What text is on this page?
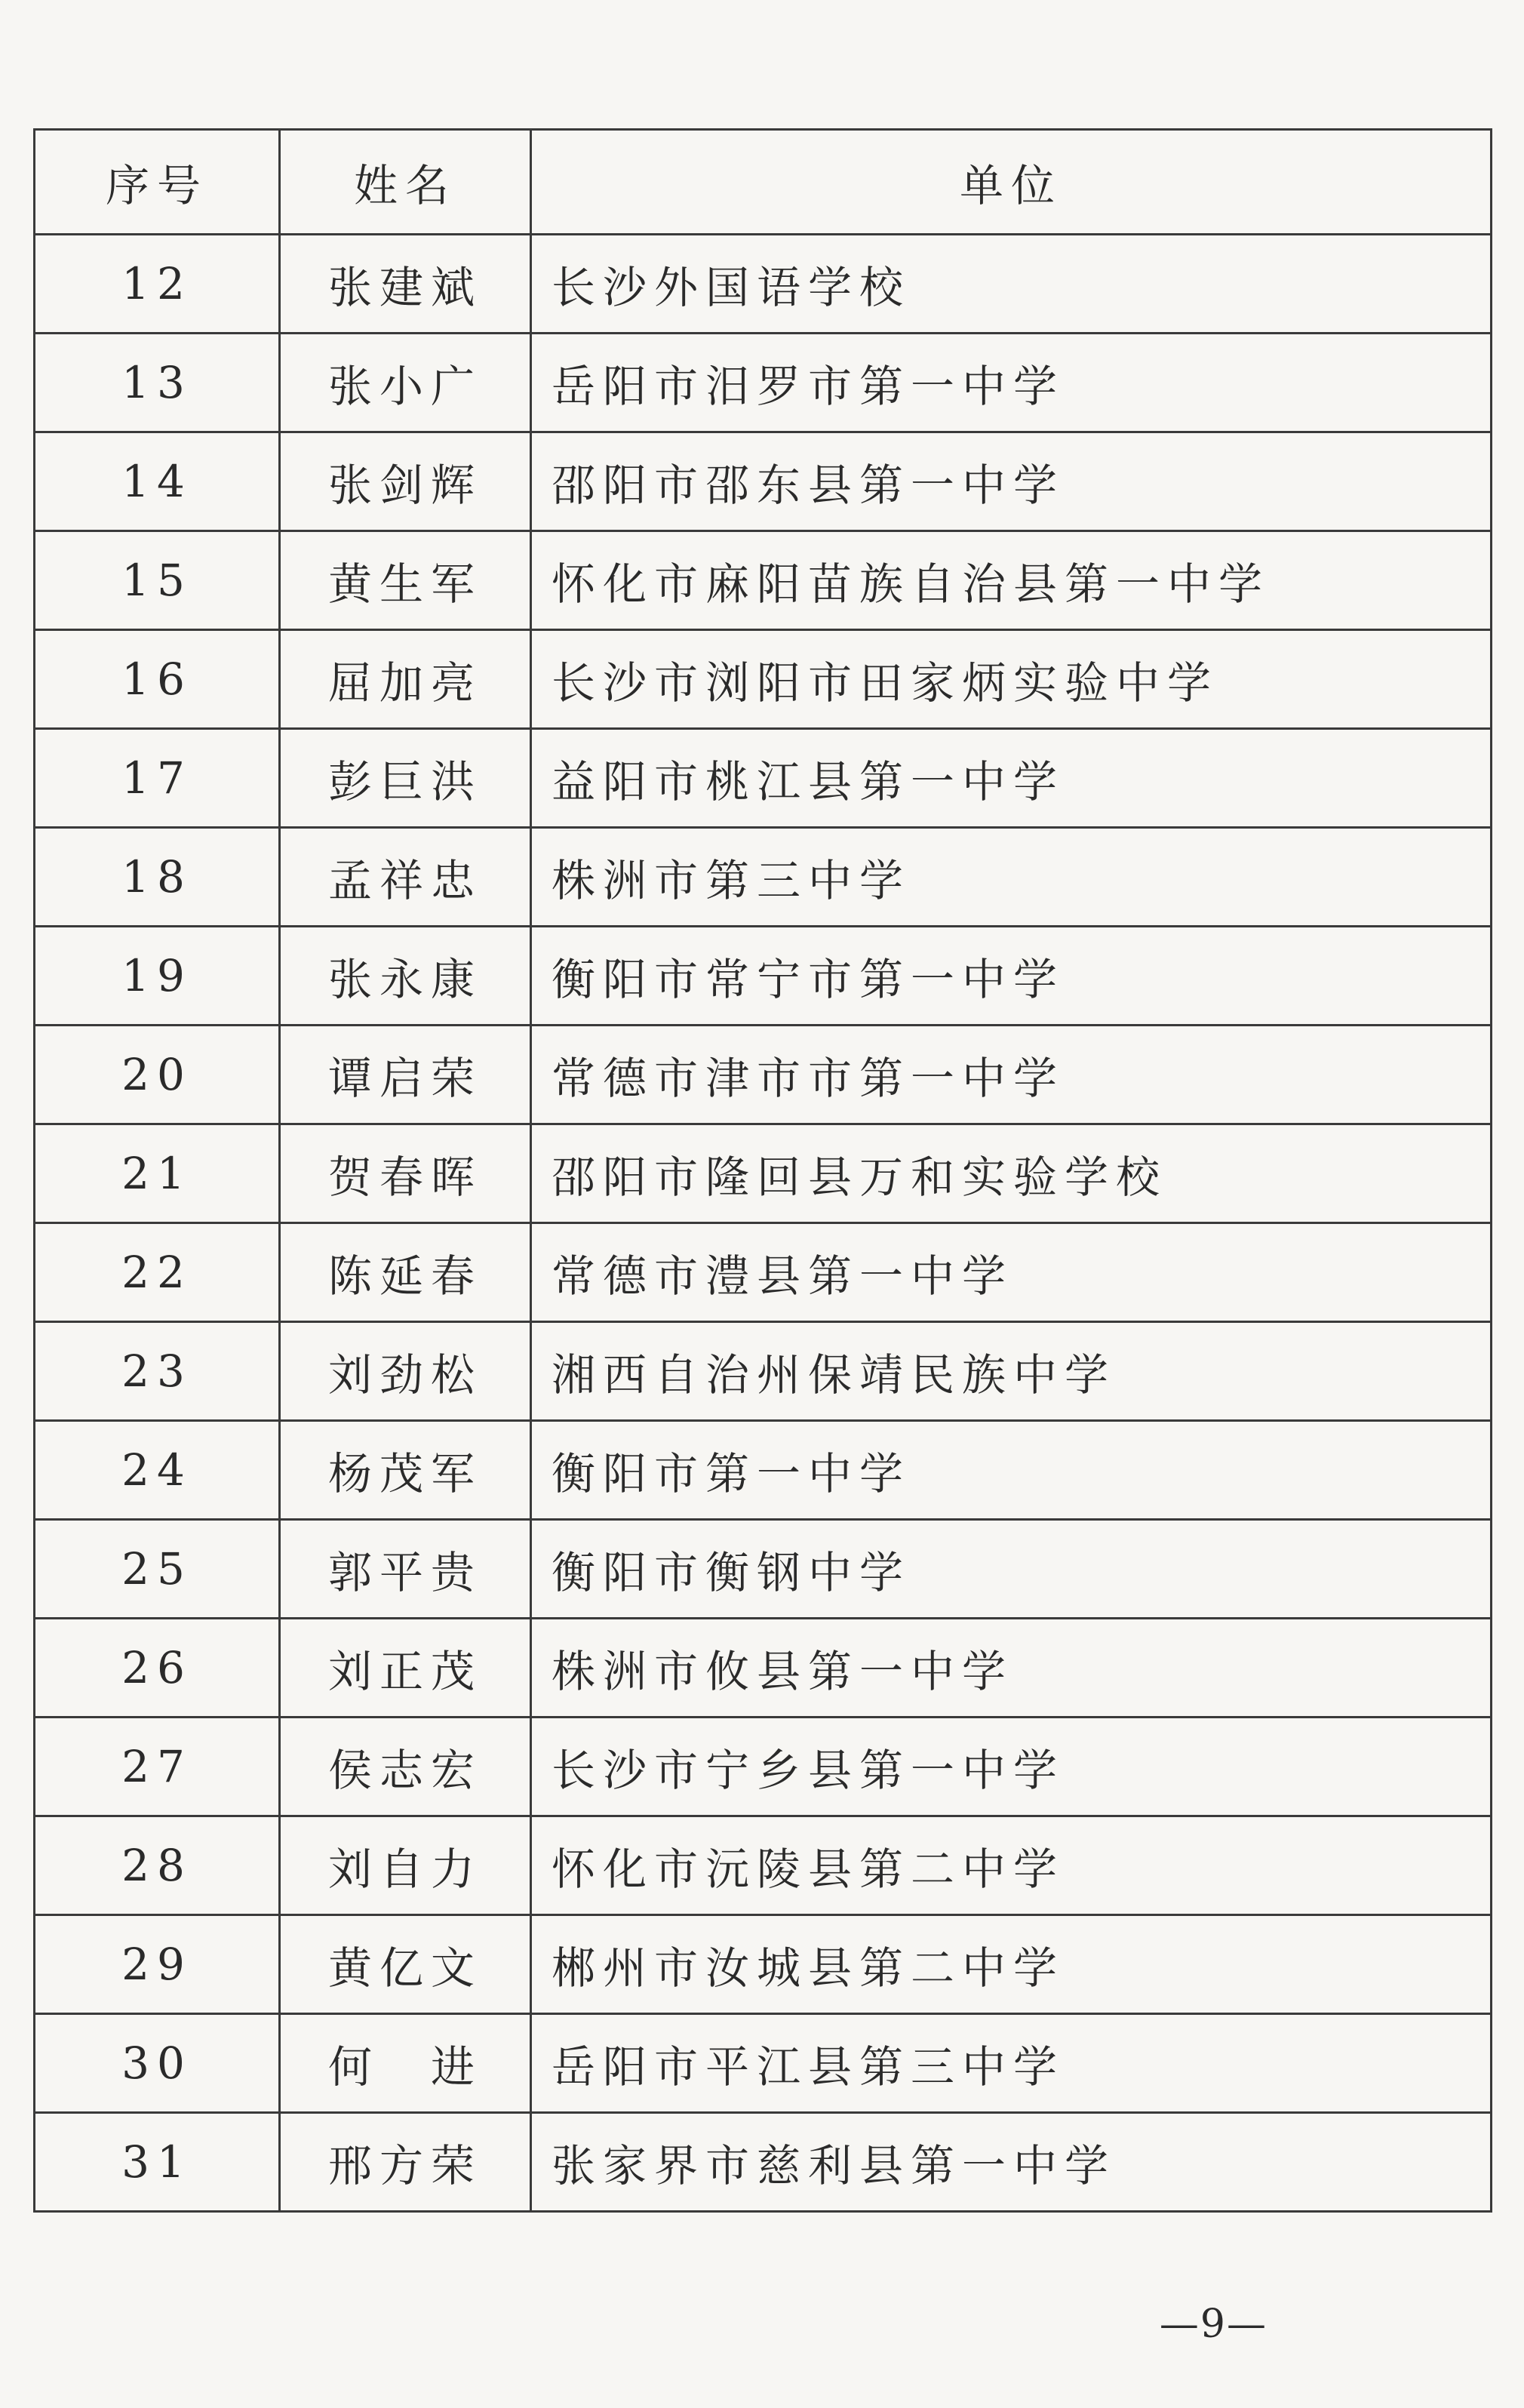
序号	姓名	单位
12	张建斌	长沙外国语学校
13	张小广	岳阳市汨罗市第一中学
14	张剑辉	邵阳市邵东县第一中学
15	黄生军	怀化市麻阳苗族自治县第一中学
16	屈加亮	长沙市浏阳市田家炳实验中学
17	彭巨洪	益阳市桃江县第一中学
18	孟祥忠	株洲市第三中学
19	张永康	衡阳市常宁市第一中学
20	谭启荣	常德市津市市第一中学
21	贺春晖	邵阳市隆回县万和实验学校
22	陈延春	常德市澧县第一中学
23	刘劲松	湘西自治州保靖民族中学
24	杨茂军	衡阳市第一中学
25	郭平贵	衡阳市衡钢中学
26	刘正茂	株洲市攸县第一中学
27	侯志宏	长沙市宁乡县第一中学
28	刘自力	怀化市沅陵县第二中学
29	黄亿文	郴州市汝城县第二中学
30	何　进	岳阳市平江县第三中学
31	邢方荣	张家界市慈利县第一中学
—9—
